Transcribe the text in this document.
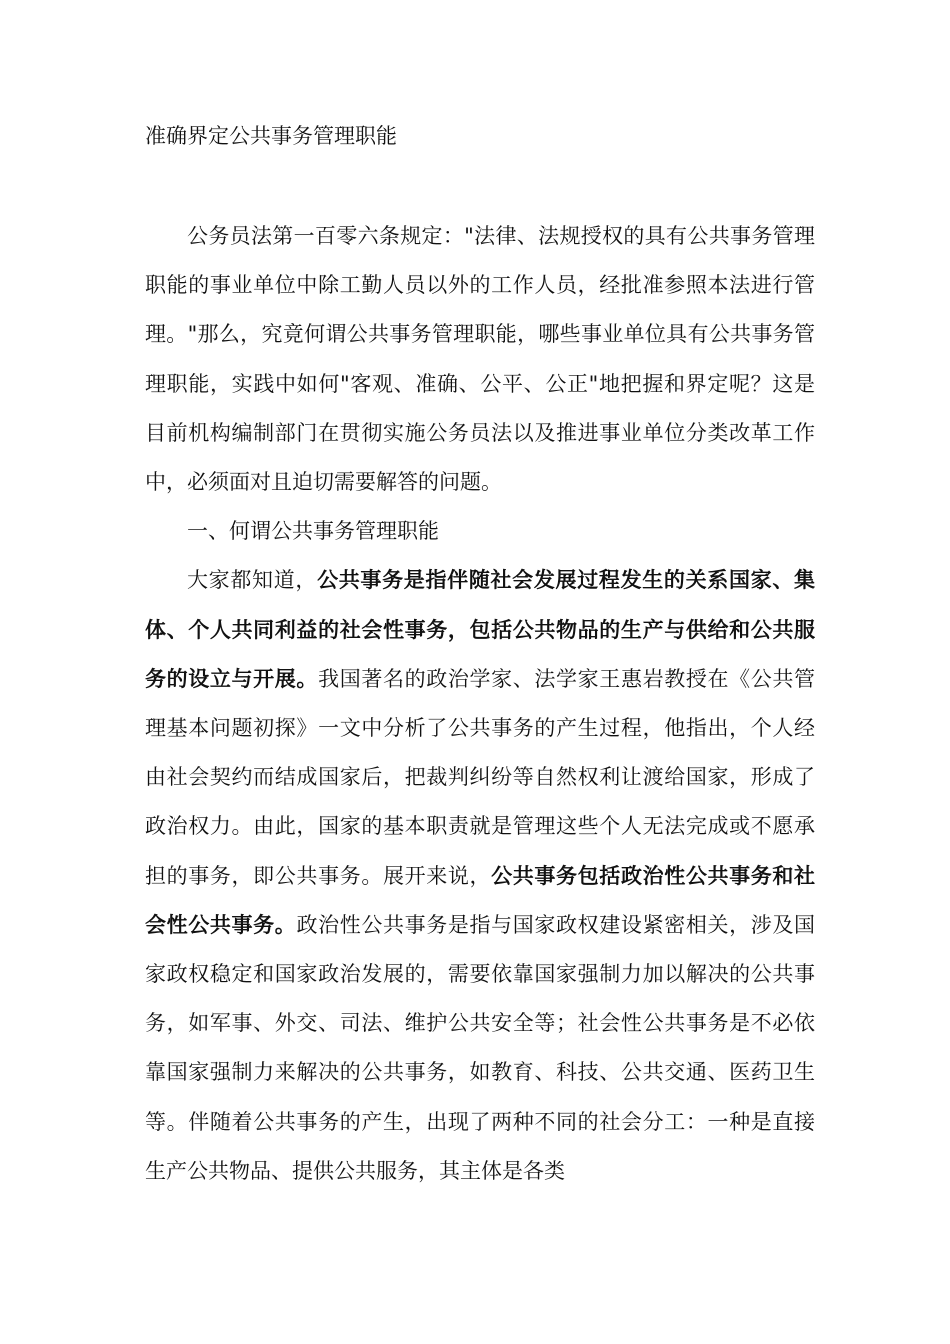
准确界定公共事务管理职能

公务员法第一百零六条规定："法律、法规授权的具有公共事务管理职能的事业单位中除工勤人员以外的工作人员，经批准参照本法进行管理。"那么，究竟何谓公共事务管理职能，哪些事业单位具有公共事务管理职能，实践中如何"客观、准确、公平、公正"地把握和界定呢？这是目前机构编制部门在贯彻实施公务员法以及推进事业单位分类改革工作中，必须面对且迫切需要解答的问题。

一、何谓公共事务管理职能

大家都知道，公共事务是指伴随社会发展过程发生的关系国家、集体、个人共同利益的社会性事务，包括公共物品的生产与供给和公共服务的设立与开展。我国著名的政治学家、法学家王惠岩教授在《公共管理基本问题初探》一文中分析了公共事务的产生过程，他指出，个人经由社会契约而结成国家后，把裁判纠纷等自然权利让渡给国家，形成了政治权力。由此，国家的基本职责就是管理这些个人无法完成或不愿承担的事务，即公共事务。展开来说，公共事务包括政治性公共事务和社会性公共事务。政治性公共事务是指与国家政权建设紧密相关，涉及国家政权稳定和国家政治发展的，需要依靠国家强制力加以解决的公共事务，如军事、外交、司法、维护公共安全等；社会性公共事务是不必依靠国家强制力来解决的公共事务，如教育、科技、公共交通、医药卫生等。伴随着公共事务的产生，出现了两种不同的社会分工：一种是直接生产公共物品、提供公共服务，其主体是各类
